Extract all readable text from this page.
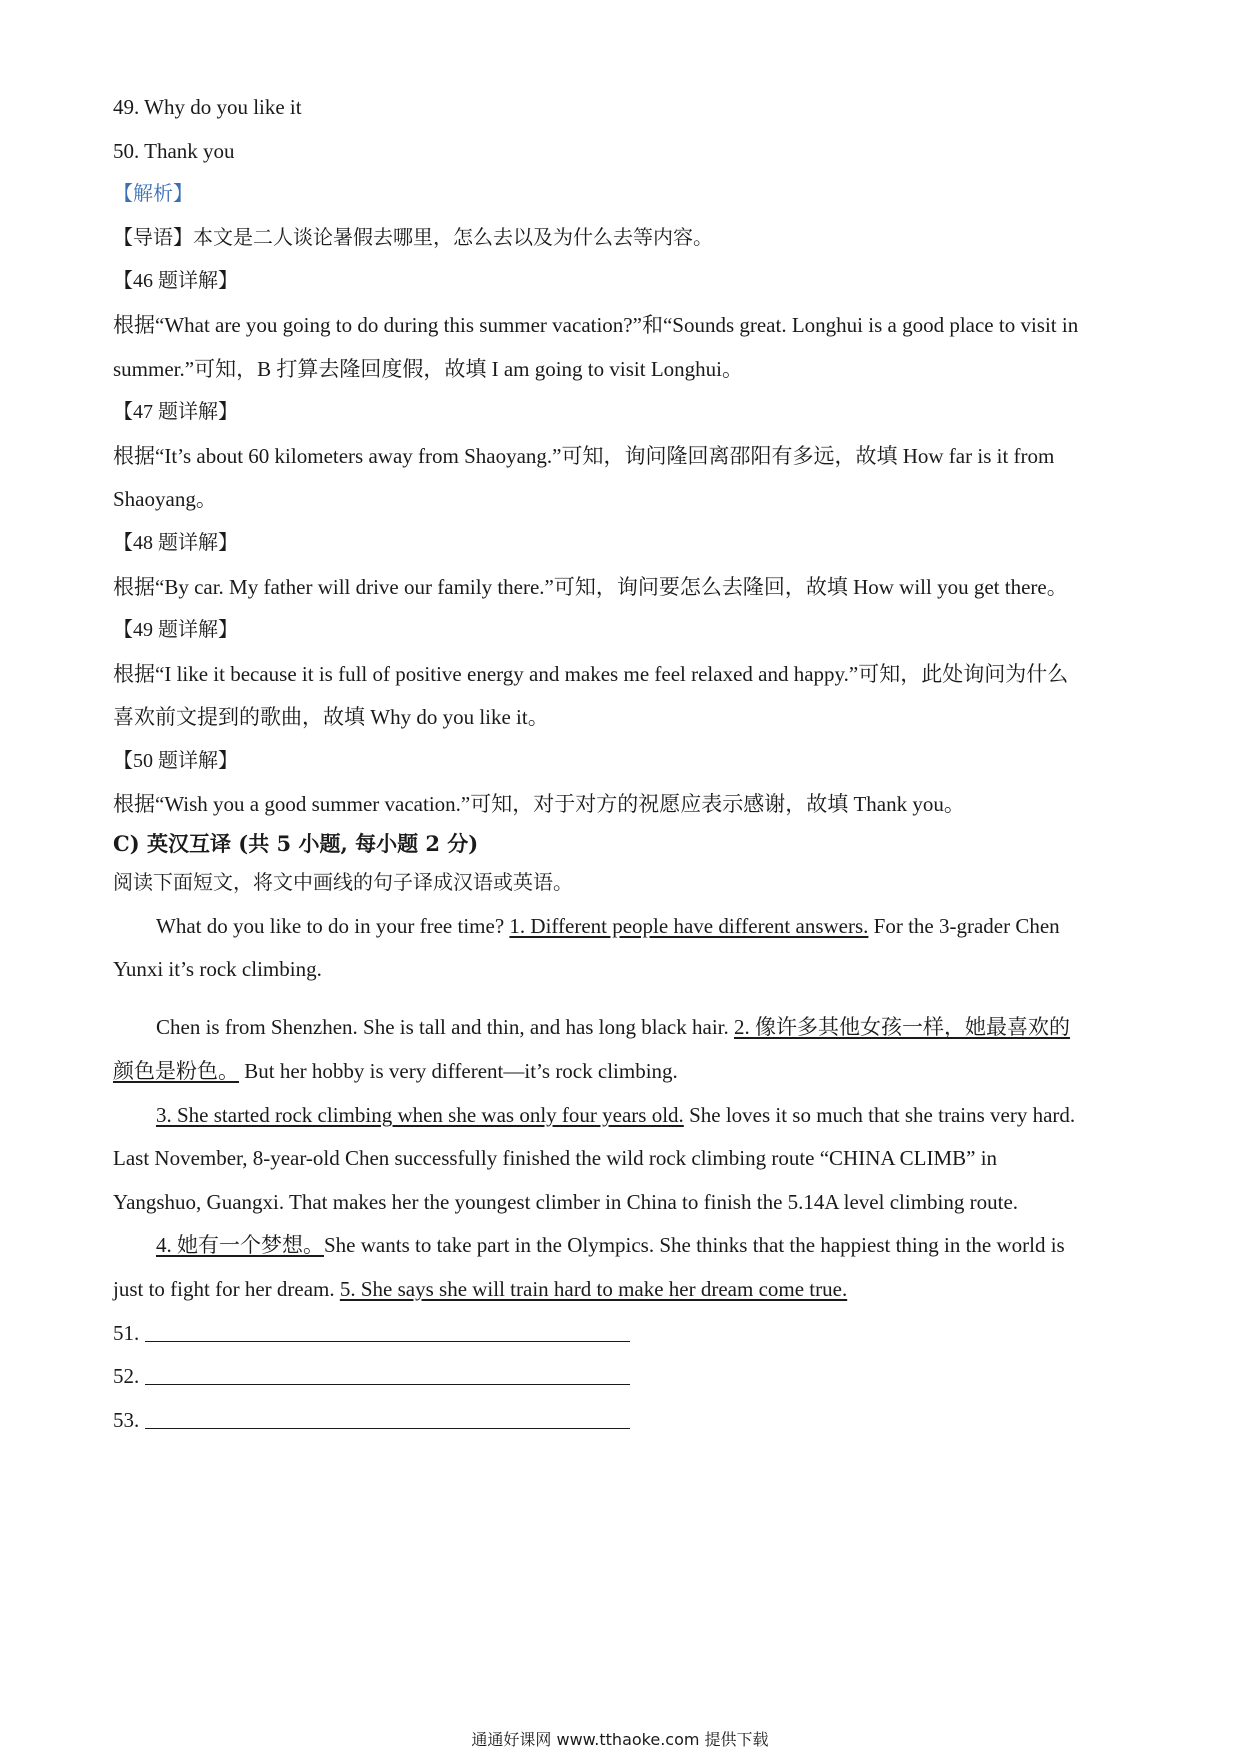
49. Why do you like it
50. Thank you
【解析】
【导语】本文是二人谈论暑假去哪里，怎么去以及为什么去等内容。
【46 题详解】
根据“What are you going to do during this summer vacation?”和“Sounds great. Longhui is a good place to visit in
summer.”可知，B 打算去隆回度假，故填 I am going to visit Longhui。
【47 题详解】
根据“It’s about 60 kilometers away from Shaoyang.”可知，询问隆回离邵阳有多远，故填 How far is it from
Shaoyang。
【48 题详解】
根据“By car. My father will drive our family there.”可知，询问要怎么去隆回，故填 How will you get there。
【49 题详解】
根据“I like it because it is full of positive energy and makes me feel relaxed and happy.”可知，此处询问为什么
喜欢前文提到的歌曲，故填 Why do you like it。
【50 题详解】
根据“Wish you a good summer vacation.”可知，对于对方的祝愿应表示感谢，故填 Thank you。
C) 英汉互译 (共 5 小题, 每小题 2 分)
阅读下面短文，将文中画线的句子译成汉语或英语。
What do you like to do in your free time? 1. Different people have different answers. For the 3-grader Chen
Yunxi it’s rock climbing.
Chen is from Shenzhen. She is tall and thin, and has long black hair. 2. 像许多其他女孩一样，她最喜欢的
颜色是粉色。 But her hobby is very different—it’s rock climbing.
3. She started rock climbing when she was only four years old. She loves it so much that she trains very hard.
Last November, 8-year-old Chen successfully finished the wild rock climbing route “CHINA CLIMB” in
Yangshuo, Guangxi. That makes her the youngest climber in China to finish the 5.14A level climbing route.
4. 她有一个梦想。She wants to take part in the Olympics. She thinks that the happiest thing in the world is
just to fight for her dream. 5. She says she will train hard to make her dream come true.
51.
52.
53.
通通好课网 www.tthaoke.com 提供下载
